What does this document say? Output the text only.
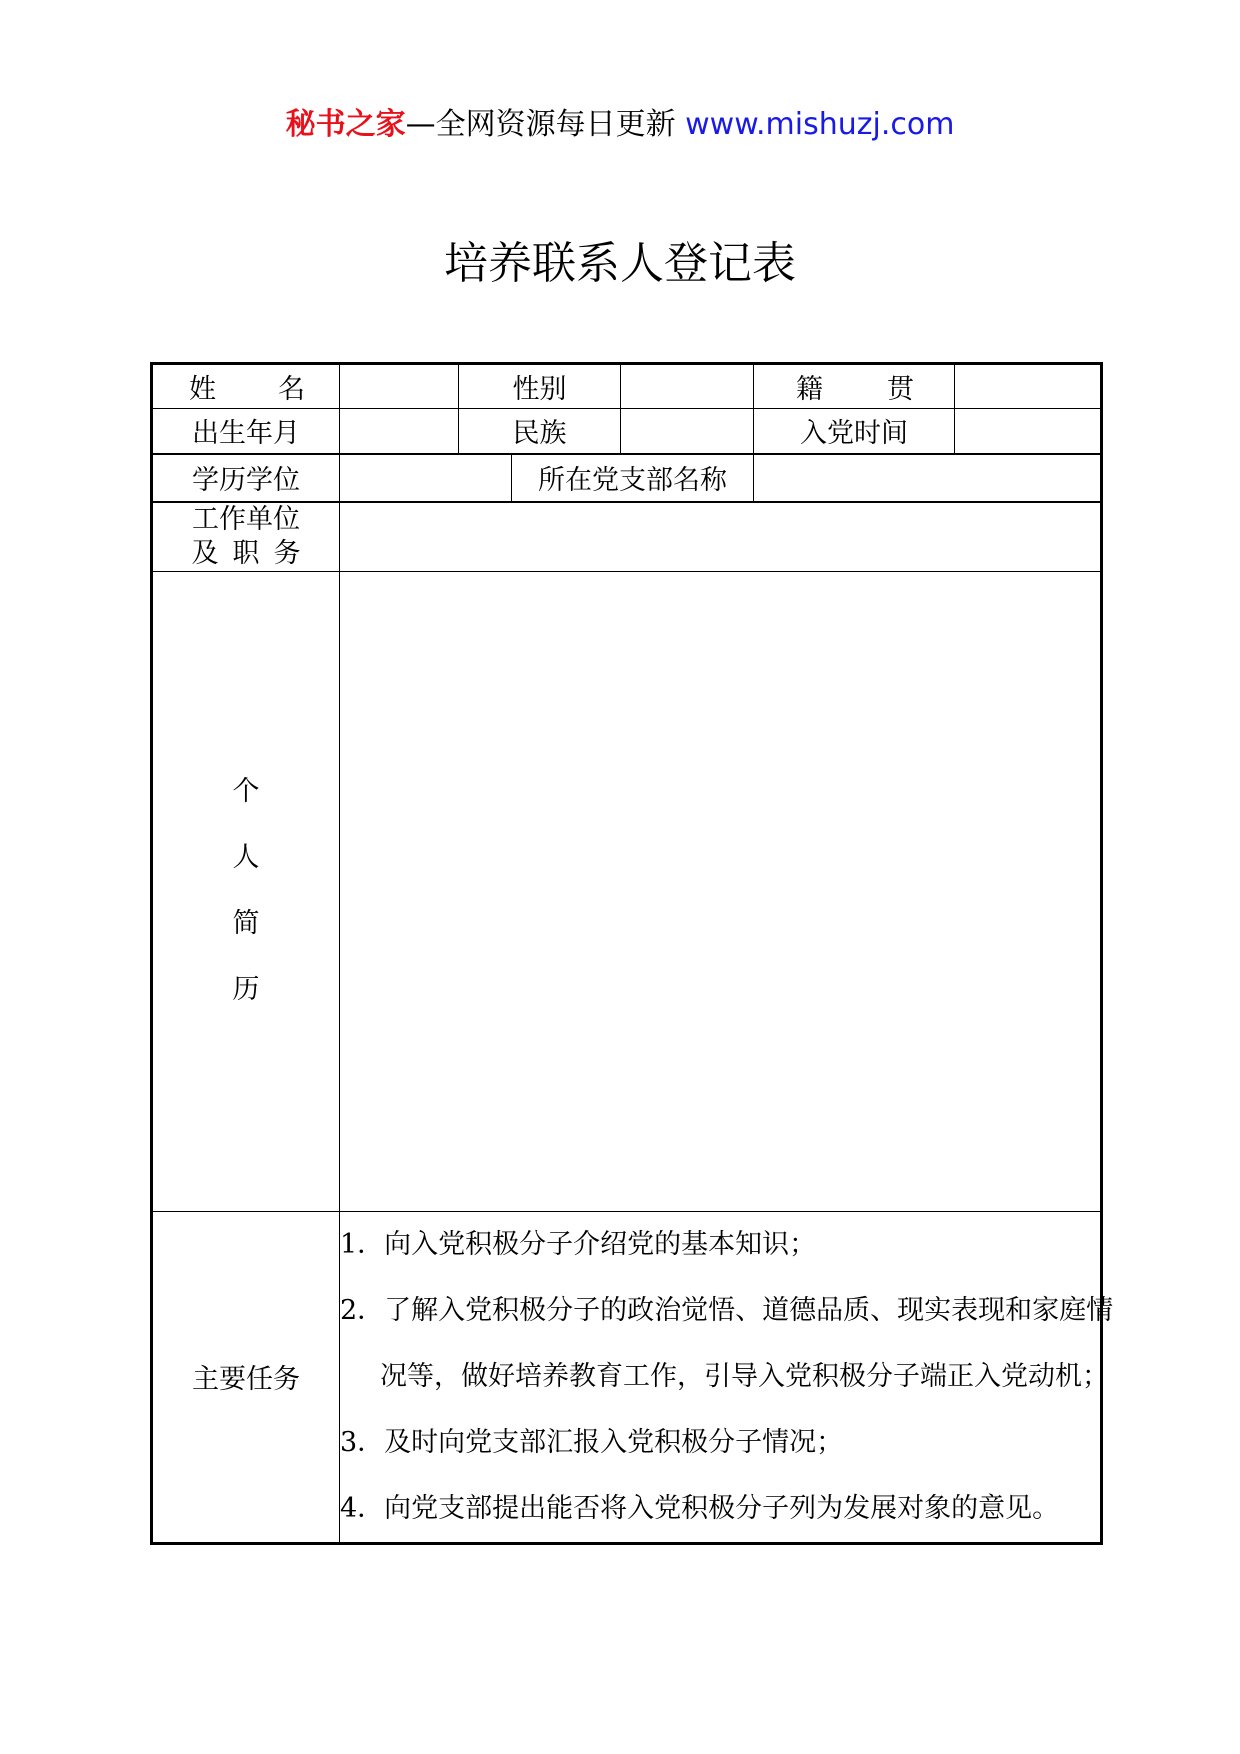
秘书之家—全网资源每日更新 www.mishuzj.com
培养联系人登记表
姓 名		性别			籍 贯	

出生年月		民族			入党时间	
学历学位			所在党支部名称			

工作单位
及职务						

个
人
简
历						

主要任务	1．向入党积极分子介绍党的基本知识；
2．了解入党积极分子的政治觉悟、道德品质、现实表现和家庭情
况等，做好培养教育工作，引导入党积极分子端正入党动机；
3．及时向党支部汇报入党积极分子情况；
4．向党支部提出能否将入党积极分子列为发展对象的意见。					
